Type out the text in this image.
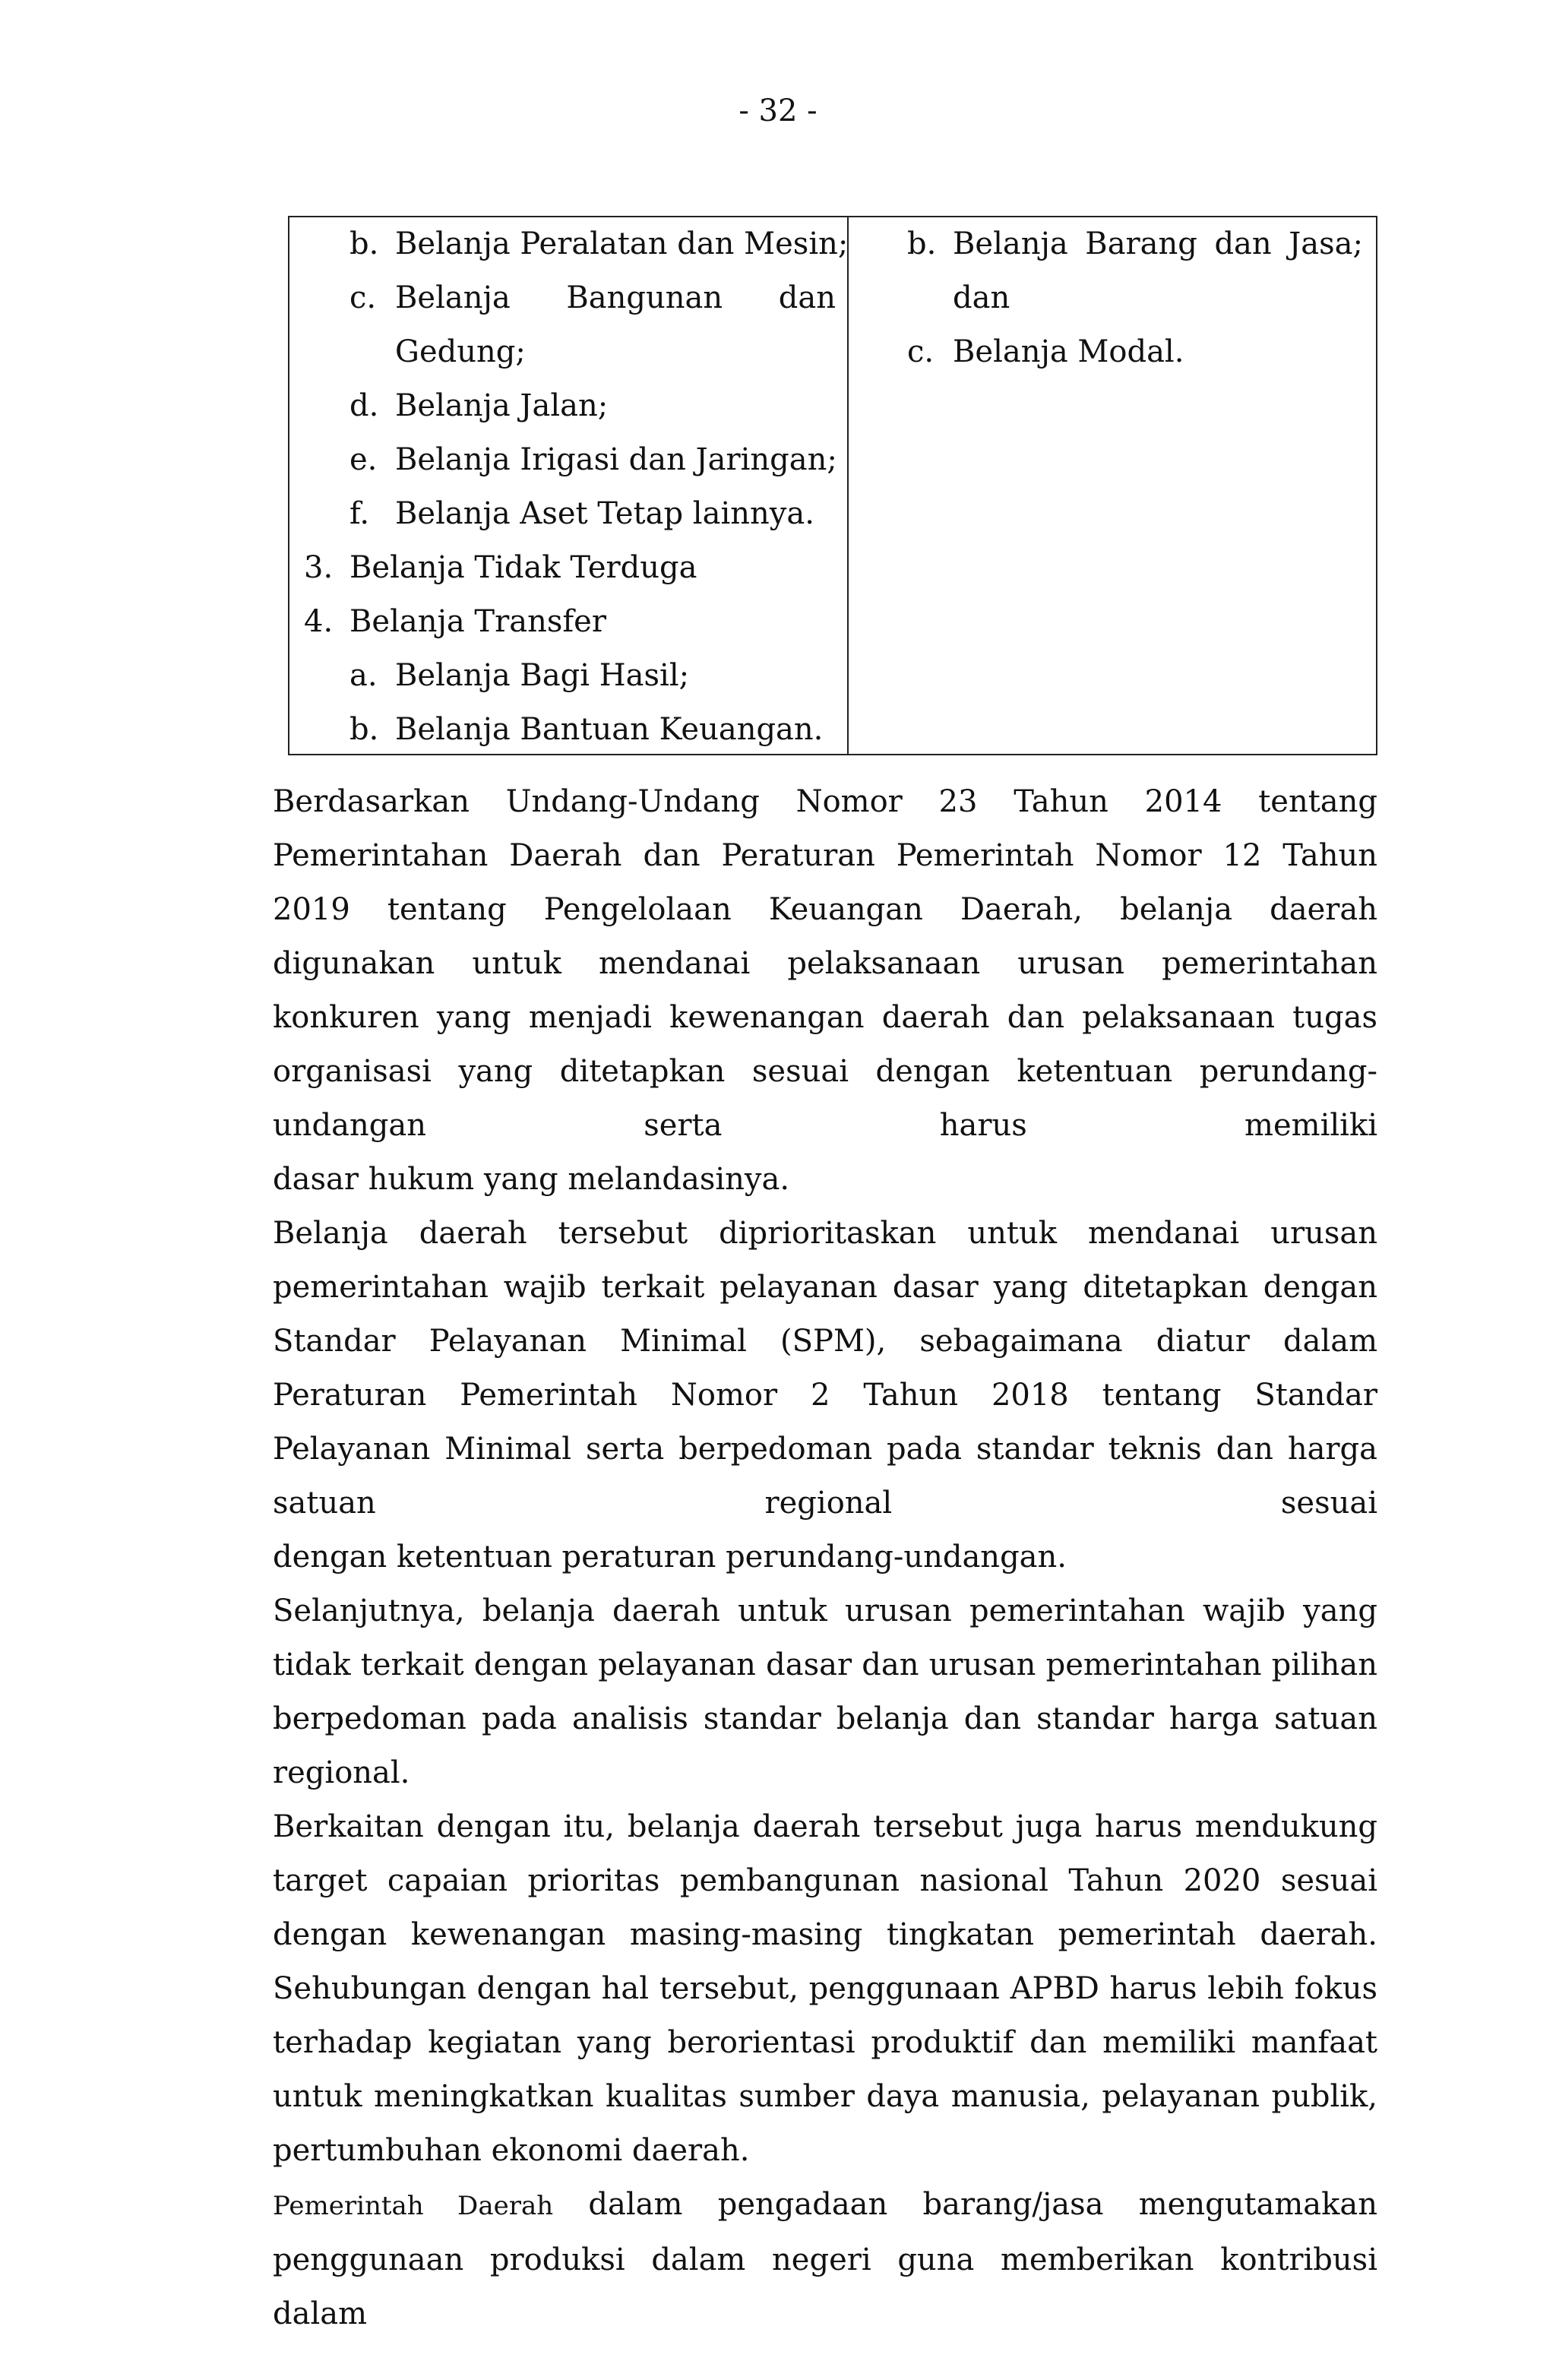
- 32 -
b. Belanja Peralatan dan Mesin;
c. Belanja Bangunan dan
Gedung;
d. Belanja Jalan;
e. Belanja Irigasi dan Jaringan;
f. Belanja Aset Tetap lainnya.
3. Belanja Tidak Terduga
4. Belanja Transfer
a. Belanja Bagi Hasil;
b. Belanja Bantuan Keuangan.
b. Belanja Barang dan Jasa;
dan
c. Belanja Modal.

Berdasarkan Undang-Undang Nomor 23 Tahun 2014 tentang Pemerintahan Daerah dan Peraturan Pemerintah Nomor 12 Tahun 2019 tentang Pengelolaan Keuangan Daerah, belanja daerah digunakan untuk mendanai pelaksanaan urusan pemerintahan konkuren yang menjadi kewenangan daerah dan pelaksanaan tugas organisasi yang ditetapkan sesuai dengan ketentuan perundang-undangan serta harus memiliki
dasar hukum yang melandasinya.

Belanja daerah tersebut diprioritaskan untuk mendanai urusan pemerintahan wajib terkait pelayanan dasar yang ditetapkan dengan Standar Pelayanan Minimal (SPM), sebagaimana diatur dalam Peraturan Pemerintah Nomor 2 Tahun 2018 tentang Standar Pelayanan Minimal serta berpedoman pada standar teknis dan harga satuan regional sesuai
dengan ketentuan peraturan perundang-undangan.

Selanjutnya, belanja daerah untuk urusan pemerintahan wajib yang tidak terkait dengan pelayanan dasar dan urusan pemerintahan pilihan berpedoman pada analisis standar belanja dan standar harga satuan
regional.

Berkaitan dengan itu, belanja daerah tersebut juga harus mendukung target capaian prioritas pembangunan nasional Tahun 2020 sesuai dengan kewenangan masing-masing tingkatan pemerintah daerah. Sehubungan dengan hal tersebut, penggunaan APBD harus lebih fokus terhadap kegiatan yang berorientasi produktif dan memiliki manfaat untuk meningkatkan kualitas sumber daya manusia, pelayanan publik,
pertumbuhan ekonomi daerah.

Pemerintah Daerah dalam pengadaan barang/jasa mengutamakan penggunaan produksi dalam negeri guna memberikan kontribusi dalam
